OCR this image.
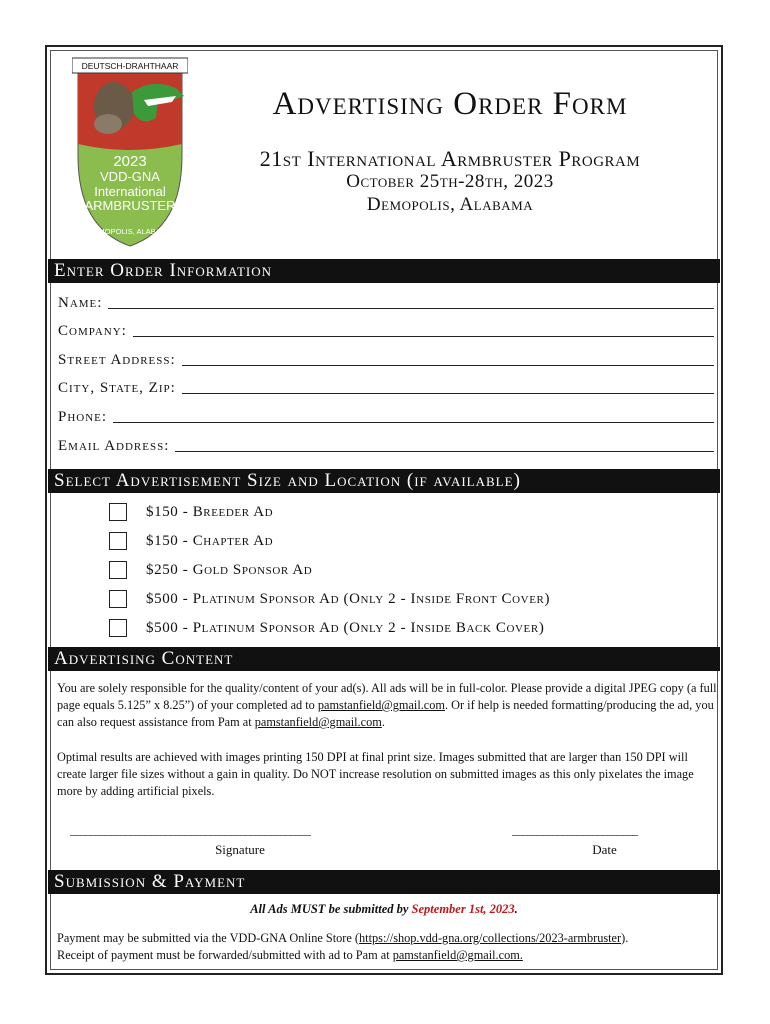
DEUTSCH-DRAHTHAAR
2023
VDD-GNA
International
ARMBRUSTER
DEMOPOLIS, ALABAMA
Advertising Order Form
21st International Armbruster Program
October 25th-28th, 2023
Demopolis, Alabama
Enter Order Information
Name:
Company:
Street Address:
City, State, Zip:
Phone:
Email Address:
Select Advertisement Size and Location (if available)
$150 - Breeder Ad
$150 - Chapter Ad
$250 - Gold Sponsor Ad
$500 - Platinum Sponsor Ad (Only 2 - Inside Front Cover)
$500 - Platinum Sponsor Ad (Only 2 - Inside Back Cover)
Advertising Content
You are solely responsible for the quality/content of your ad(s). All ads will be in full-color. Please provide a digital JPEG copy (a full page equals 5.125” x 8.25”) of your completed ad to pamstanfield@gmail.com. Or if help is needed formatting/producing the ad, you can also request assistance from Pam at pamstanfield@gmail.com.
Optimal results are achieved with images printing 150 DPI at final print size. Images submitted that are larger than 150 DPI will create larger file sizes without a gain in quality. Do NOT increase resolution on submitted images as this only pixelates the image more by adding artificial pixels.
________________________________________________
Signature
_________________________
Date
Submission & Payment
All Ads MUST be submitted by September 1st, 2023.
Payment may be submitted via the VDD-GNA Online Store (https://shop.vdd-gna.org/collections/2023-armbruster).
Receipt of payment must be forwarded/submitted with ad to Pam at pamstanfield@gmail.com.
